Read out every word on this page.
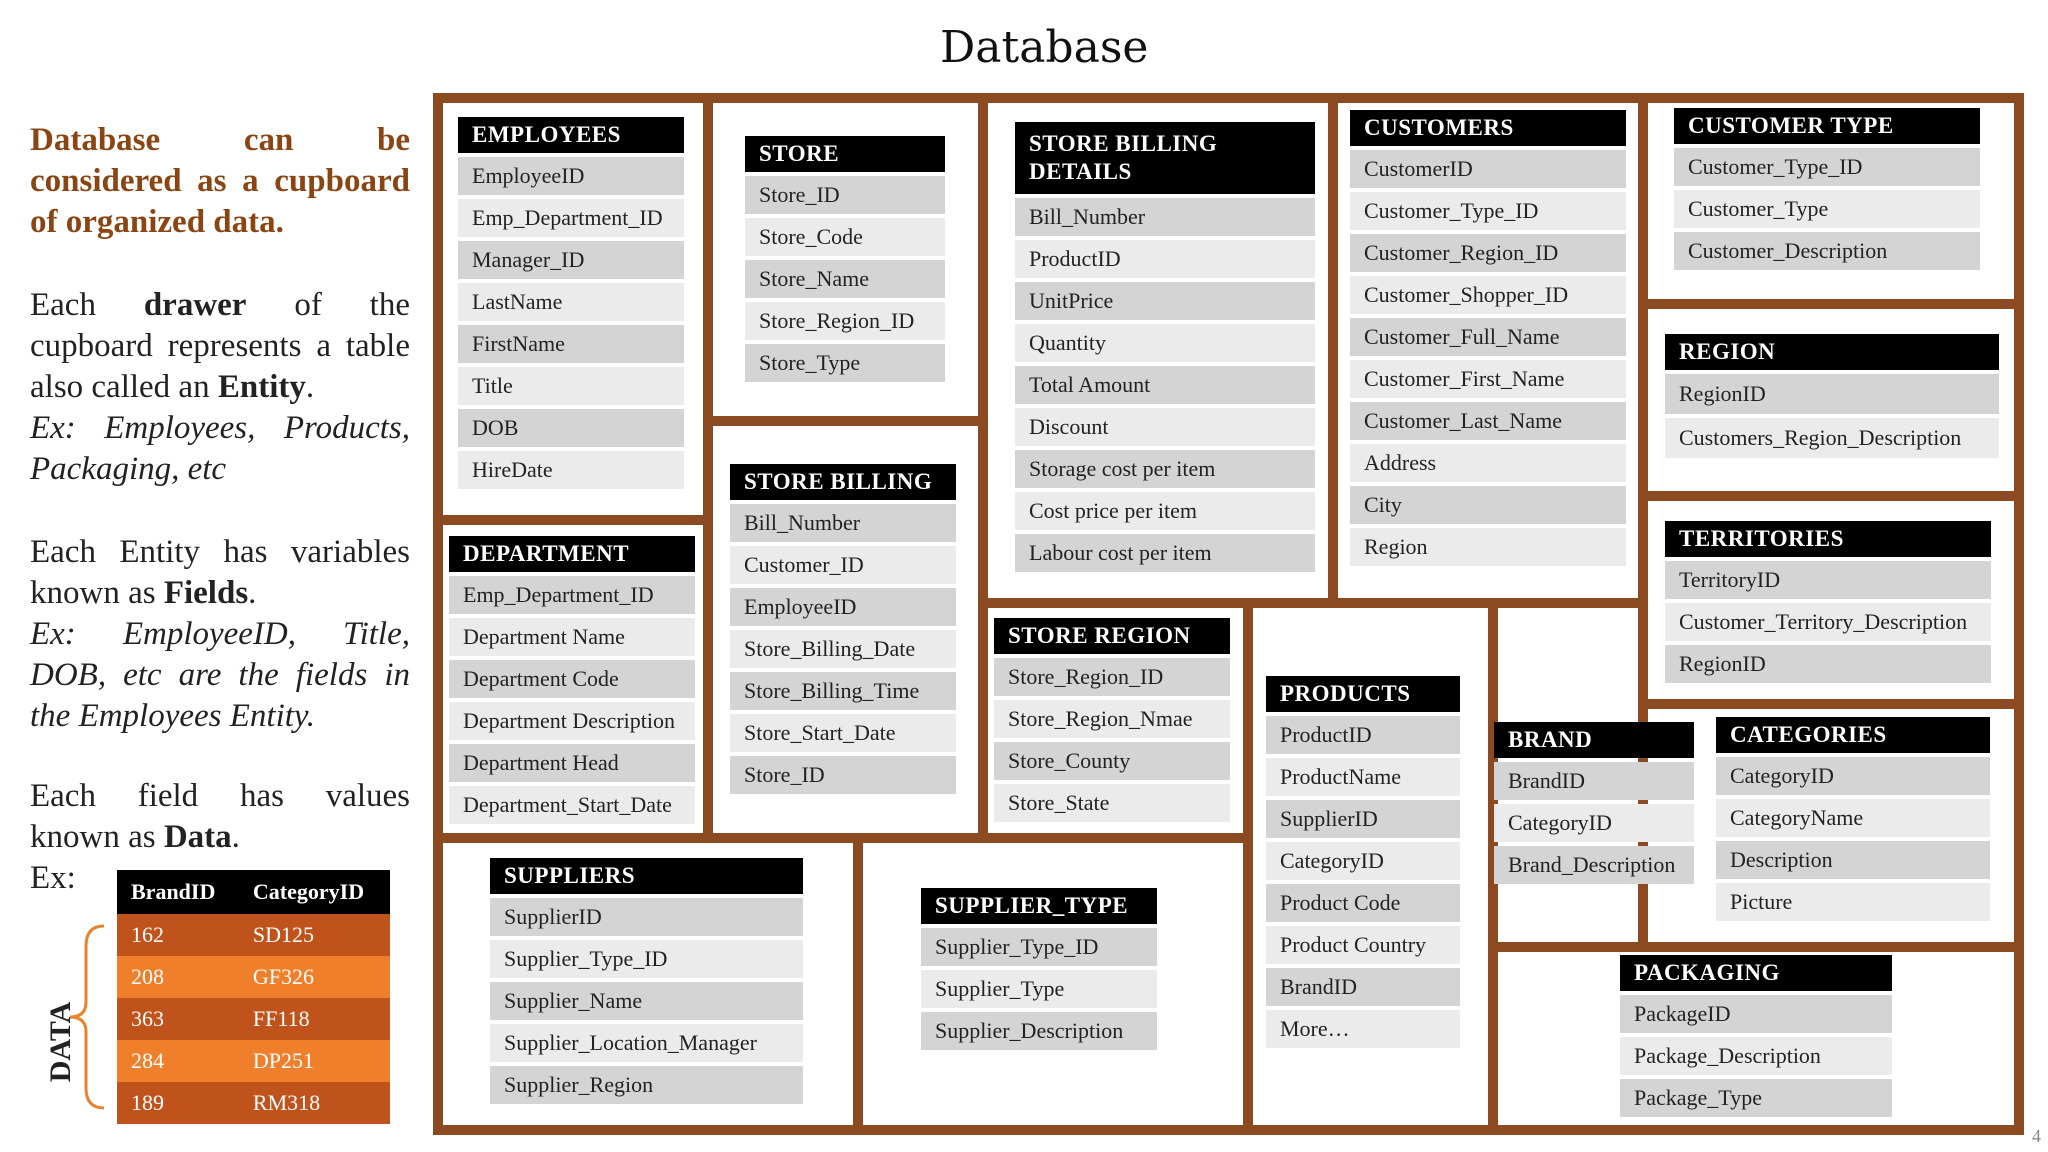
Database
Database can be
considered as a cupboard
of organized data.
Each drawer of the
cupboard represents a table
also called an Entity.
Ex: Employees, Products,
Packaging, etc
Each Entity has variables
known as Fields.
Ex: EmployeeID, Title,
DOB, etc are the fields in
the Employees Entity.
Each field has values
known as Data.
Ex:
DATA
BrandID	CategoryID
162	SD125
208	GF326
363	FF118
284	DP251
189	RM318
EMPLOYEES
EmployeeID
Emp_Department_ID
Manager_ID
LastName
FirstName
Title
DOB
HireDate
STORE
Store_ID
Store_Code
Store_Name
Store_Region_ID
Store_Type
STORE BILLING DETAILS
Bill_Number
ProductID
UnitPrice
Quantity
Total Amount
Discount
Storage cost per item
Cost price per item
Labour cost per item
CUSTOMERS
CustomerID
Customer_Type_ID
Customer_Region_ID
Customer_Shopper_ID
Customer_Full_Name
Customer_First_Name
Customer_Last_Name
Address
City
Region
CUSTOMER TYPE
Customer_Type_ID
Customer_Type
Customer_Description
REGION
RegionID
Customers_Region_Description
TERRITORIES
TerritoryID
Customer_Territory_Description
RegionID
DEPARTMENT
Emp_Department_ID
Department Name
Department Code
Department Description
Department Head
Department_Start_Date
STORE BILLING
Bill_Number
Customer_ID
EmployeeID
Store_Billing_Date
Store_Billing_Time
Store_Start_Date
Store_ID
STORE REGION
Store_Region_ID
Store_Region_Nmae
Store_County
Store_State
PRODUCTS
ProductID
ProductName
SupplierID
CategoryID
Product Code
Product Country
BrandID
More…
BRAND
BrandID
CategoryID
Brand_Description
CATEGORIES
CategoryID
CategoryName
Description
Picture
SUPPLIERS
SupplierID
Supplier_Type_ID
Supplier_Name
Supplier_Location_Manager
Supplier_Region
SUPPLIER_TYPE
Supplier_Type_ID
Supplier_Type
Supplier_Description
PACKAGING
PackageID
Package_Description
Package_Type
4
